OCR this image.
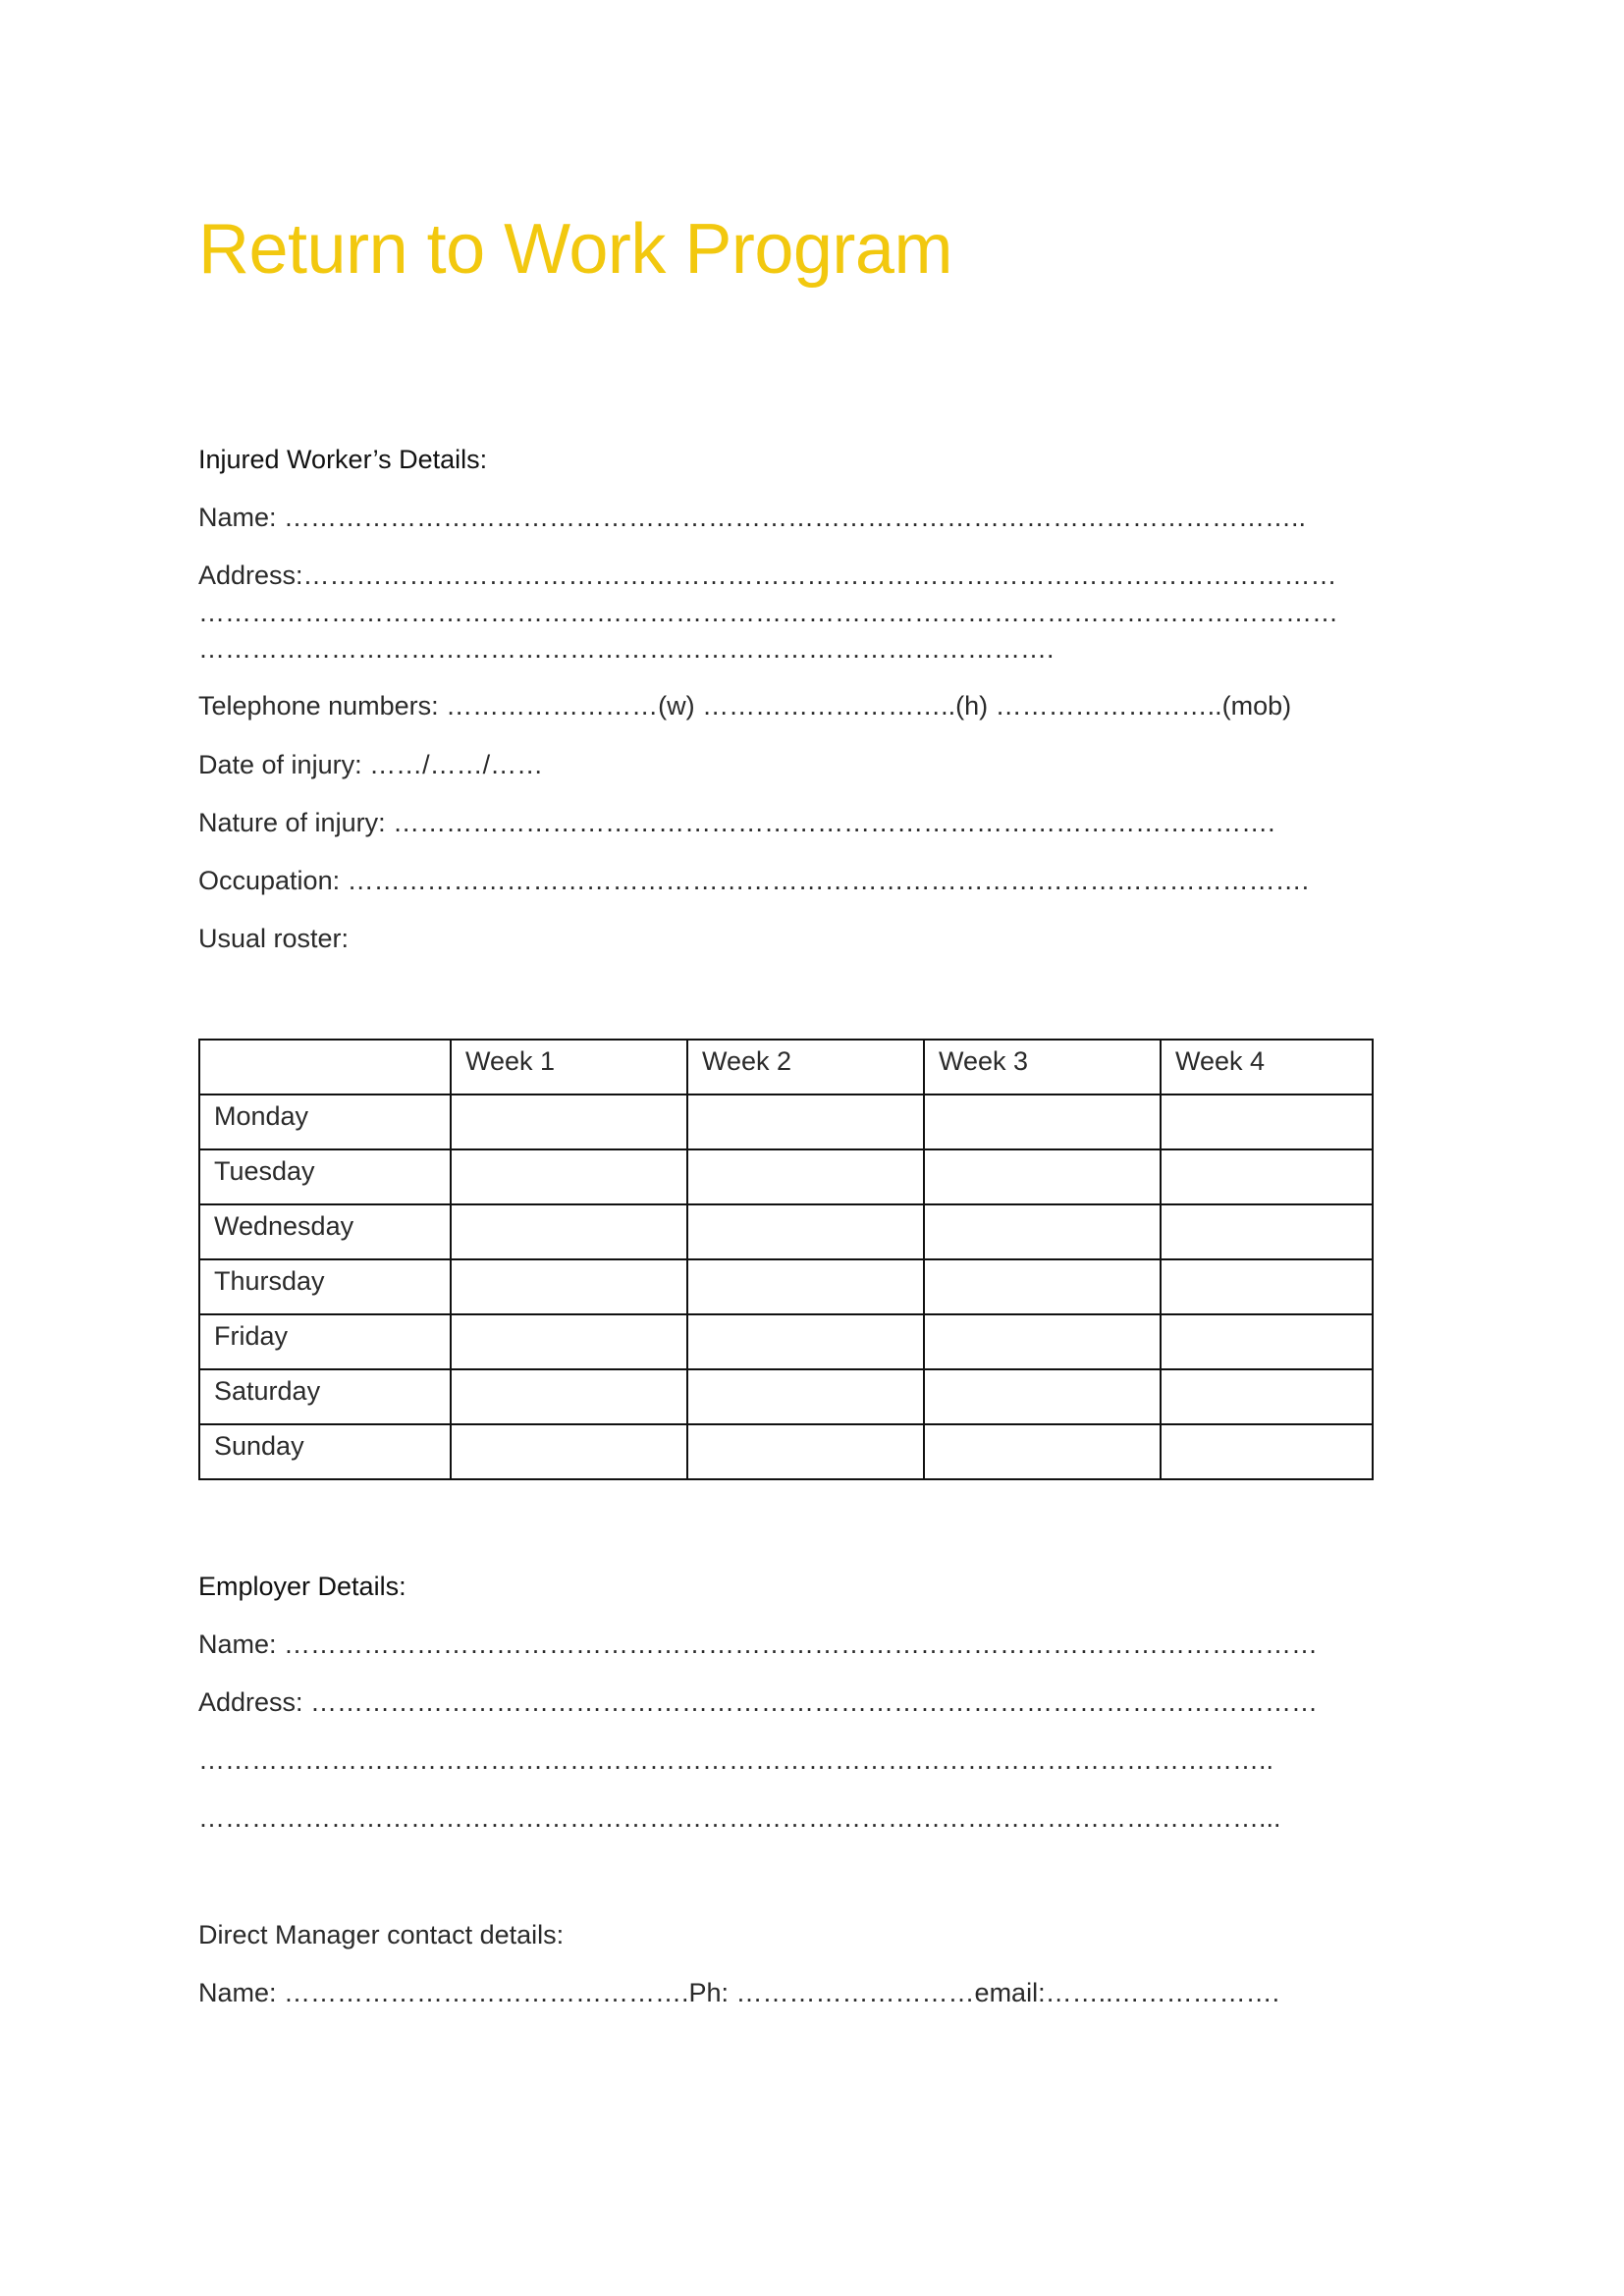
Return to Work Program
Injured Worker’s Details:
Name: ……………………………………………………………………………………………………..
Address:………………………………………………………………………………………………………
…………………………………………………………………………………………………………………
…………………………………………………………………………………….
Telephone numbers: ……………………(w) ………………………..(h) ……………………..(mob)
Date of injury: ……/……/……
Nature of injury: ……………………………………………………………………………………….
Occupation: ……………………………………………………………………………………………….
Usual roster:

	Week 1	Week 2	Week 3	Week 4

Monday				

Tuesday				

Wednesday				

Thursday				

Friday				

Saturday				

Sunday				

Employer Details:
Name: ………………………………………………………………………………………………………
Address: ……………………………………………………………………………………………………
…………………………………………………………………………………………………………..
…………………………………………………………………………………………………………...
Direct Manager contact details:
Name: ……………………………………….Ph: ………………………email:……..……………….
